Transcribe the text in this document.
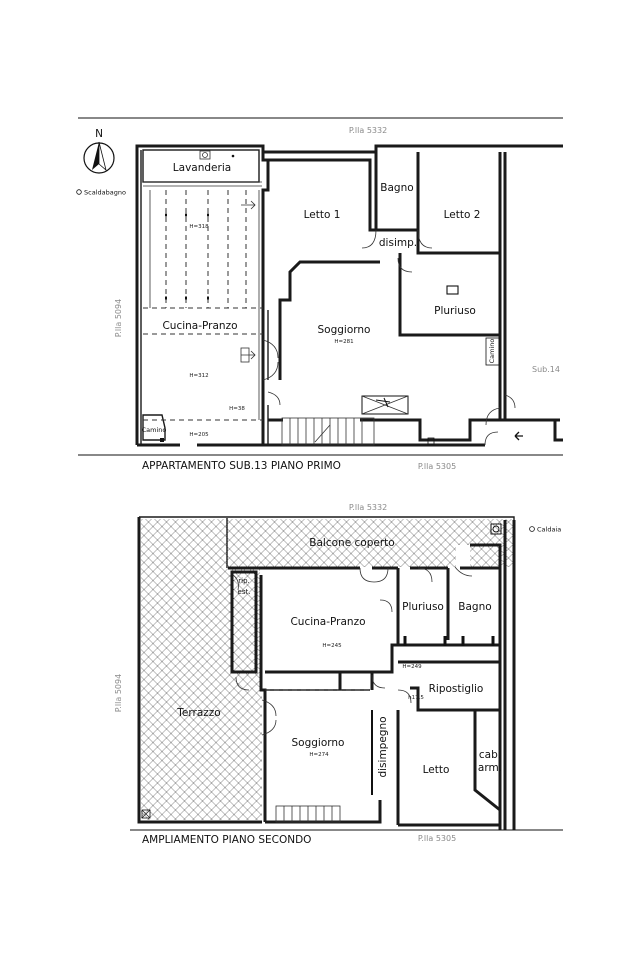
N
Scaldabagno
P.lla 5332
P.lla 5305
P.lla 5094
Sub.14
Lavanderia
Bagno
Letto 1	Letto 2
disimp.
Cucina-Pranzo	Soggiorno
Pluriuso
Camino
Camino
H=318
H=281
H=312
H=38
H=205
APPARTAMENTO SUB.13 PIANO PRIMO
P.lla 5332
P.lla 5305
P.lla 5094
Caldaia
Balcone coperto
rip.
est.
Cucina-Pranzo
Pluriuso Bagno
Ripostiglio
Terrazzo
Soggiorno	disimpegno	Letto
cab.
arm.
H=245
H=249
H=274
h17,5
AMPLIAMENTO PIANO SECONDO
